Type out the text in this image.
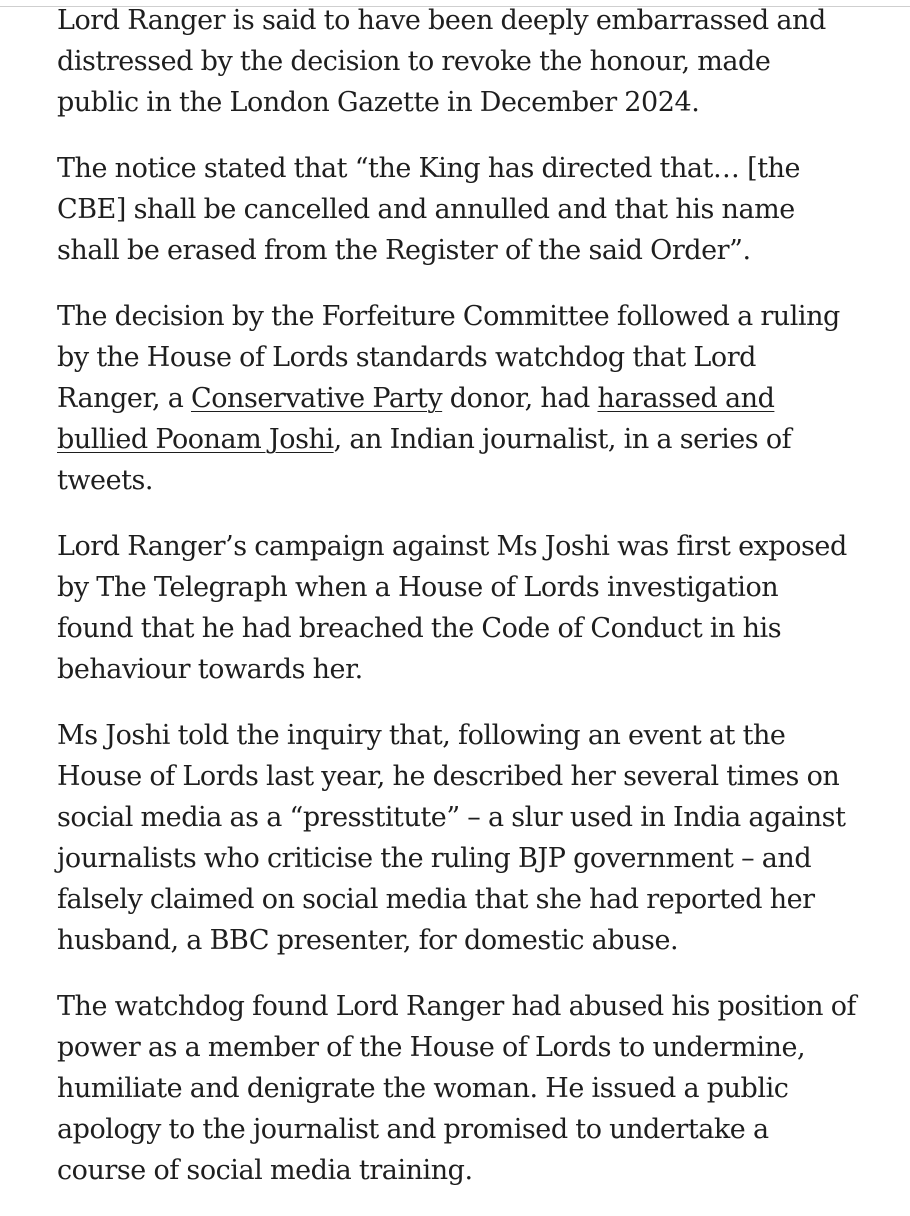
Lord Ranger is said to have been deeply embarrassed and distressed by the decision to revoke the honour, made public in the London Gazette in December 2024.

The notice stated that “the King has directed that… [the CBE] shall be cancelled and annulled and that his name shall be erased from the Register of the said Order”.

The decision by the Forfeiture Committee followed a ruling by the House of Lords standards watchdog that Lord Ranger, a Conservative Party donor, had harassed and bullied Poonam Joshi, an Indian journalist, in a series of tweets.

Lord Ranger’s campaign against Ms Joshi was first exposed by The Telegraph when a House of Lords investigation found that he had breached the Code of Conduct in his behaviour towards her.

Ms Joshi told the inquiry that, following an event at the House of Lords last year, he described her several times on social media as a “presstitute” – a slur used in India against journalists who criticise the ruling BJP government – and falsely claimed on social media that she had reported her husband, a BBC presenter, for domestic abuse.

The watchdog found Lord Ranger had abused his position of power as a member of the House of Lords to undermine, humiliate and denigrate the woman. He issued a public apology to the journalist and promised to undertake a course of social media training.
